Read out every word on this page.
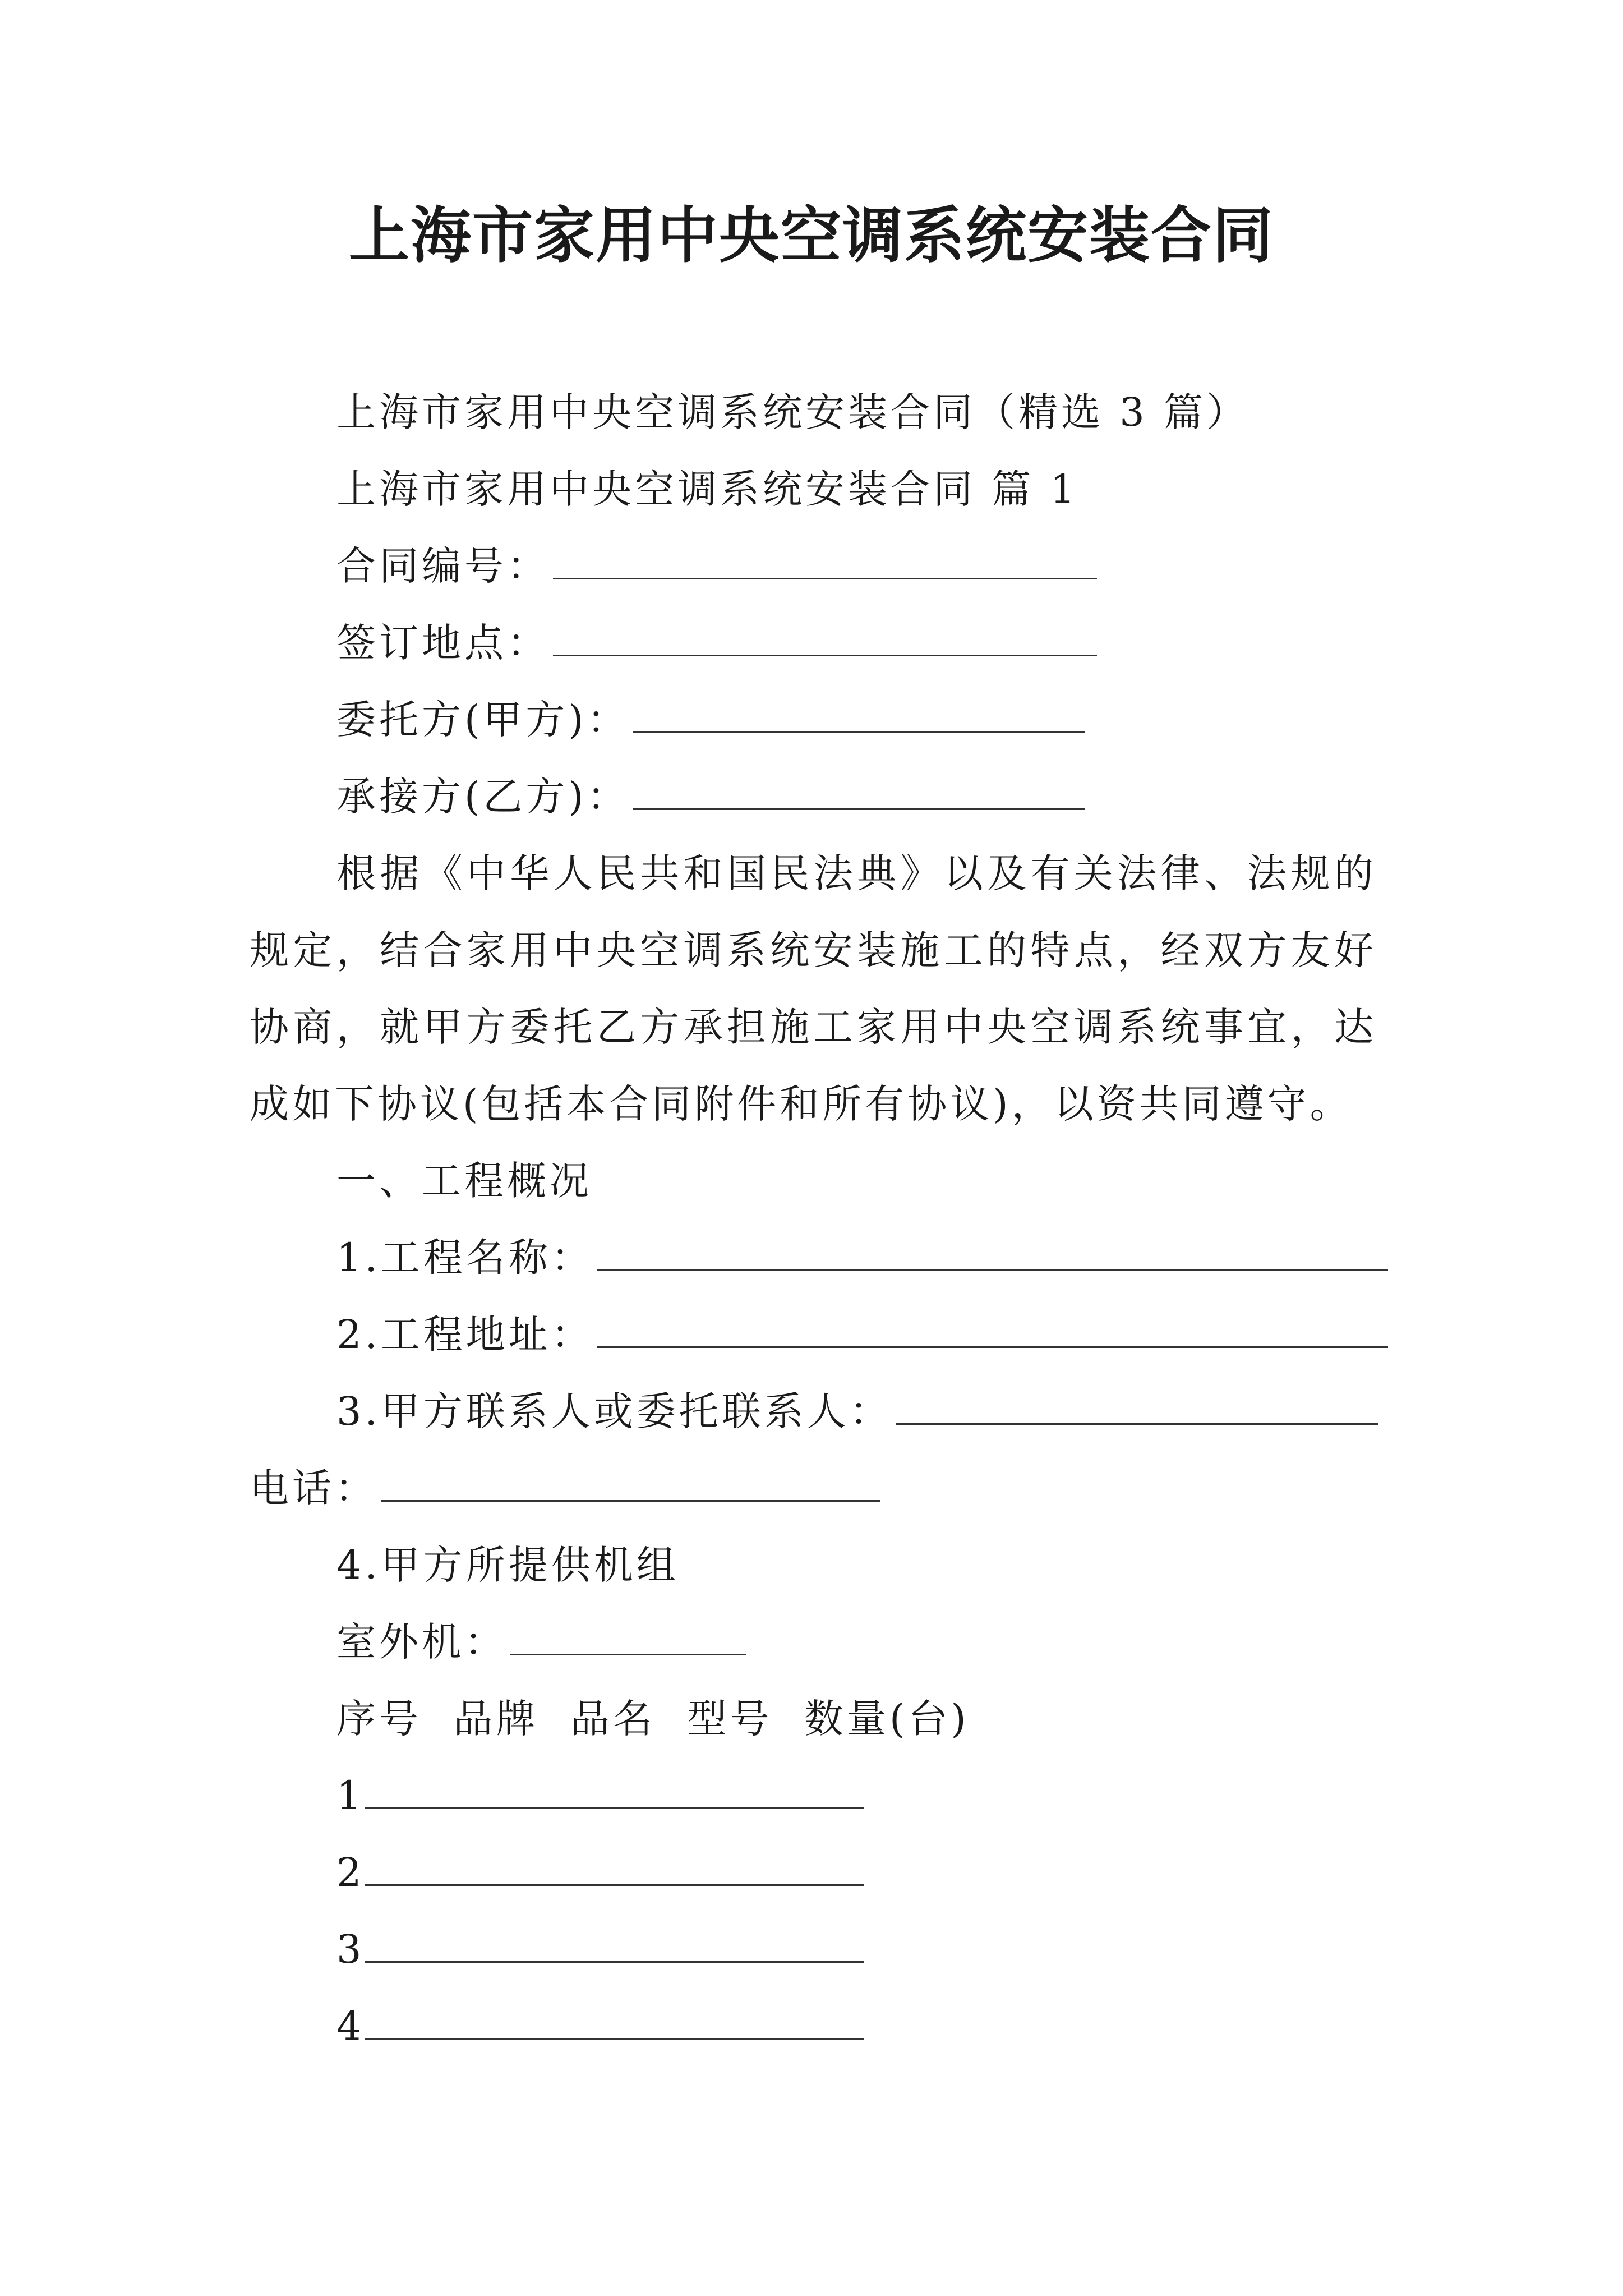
上海市家用中央空调系统安装合同
上海市家用中央空调系统安装合同（精选 3 篇）
上海市家用中央空调系统安装合同 篇 1
合同编号：
签订地点：
委托方(甲方)：
承接方(乙方)：
根据《中华人民共和国民法典》以及有关法律、法规的
规定，结合家用中央空调系统安装施工的特点，经双方友好
协商，就甲方委托乙方承担施工家用中央空调系统事宜，达
成如下协议(包括本合同附件和所有协议)，以资共同遵守。
一、工程概况
1.工程名称：
2.工程地址：
3.甲方联系人或委托联系人：
电话：
4.甲方所提供机组
室外机：
序号  品牌  品名  型号  数量(台)
1
2
3
4
